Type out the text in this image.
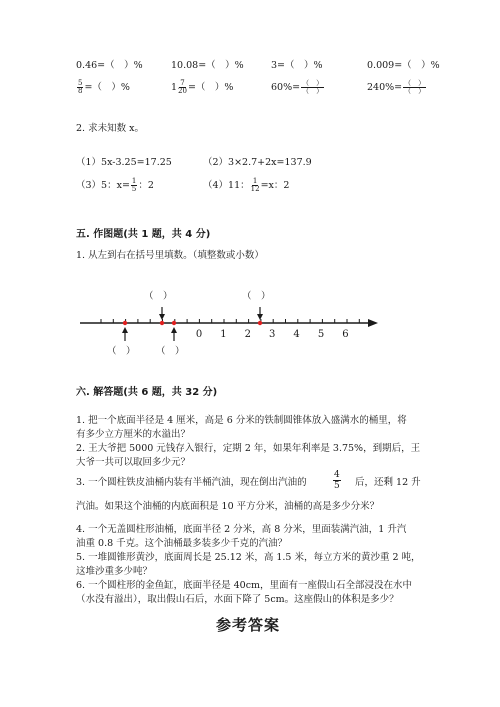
0.46=（　）%	10.08=（　）%	3=（　）%	0.009=（　）%
$\frac{5}{8}$ =（　）%	$1 \frac{7}{20}$ =（　）%	$60\%= \frac{( )}{( )}$	$240\%= \frac{( )}{( )}$
2. 求未知数 x。
（1）5x-3.25=17.25	（2）3×2.7+2x=137.9
（3）5：$x= \frac{1}{5}$ ：2	（4）11： $\frac{1}{12} =x$：2
五. 作图题(共 1 题，共 4 分)
1. 从左到右在括号里填数。（填整数或小数）
0 1 2 3 4 5 6
（　）	（　）
（　） （　）
六. 解答题(共 6 题，共 32 分)
1. 把一个底面半径是 4 厘米，高是 6 分米的铁制圆锥体放入盛满水的桶里，将
有多少立方厘米的水溢出？
2. 王大爷把 5000 元钱存入银行，定期 2 年，如果年利率是 3.75%，到期后，王
大爷一共可以取回多少元？
3. 一个圆柱铁皮油桶内装有半桶汽油，现在倒出汽油的	$\frac{4}{5}$ 后，还剩 12 升
汽油。如果这个油桶的内底面积是 10 平方分米，油桶的高是多少分米？
4. 一个无盖圆柱形油桶，底面半径 2 分米，高 8 分米，里面装满汽油，1 升汽
油重 0.8 千克。这个油桶最多装多少千克的汽油？
5. 一堆圆锥形黄沙，底面周长是 25.12 米，高 1.5 米，每立方米的黄沙重 2 吨，
这堆沙重多少吨？
6. 一个圆柱形的金鱼缸，底面半径是 40cm，里面有一座假山石全部浸没在水中
（水没有溢出），取出假山石后，水面下降了 5cm。这座假山的体积是多少？
参考答案
